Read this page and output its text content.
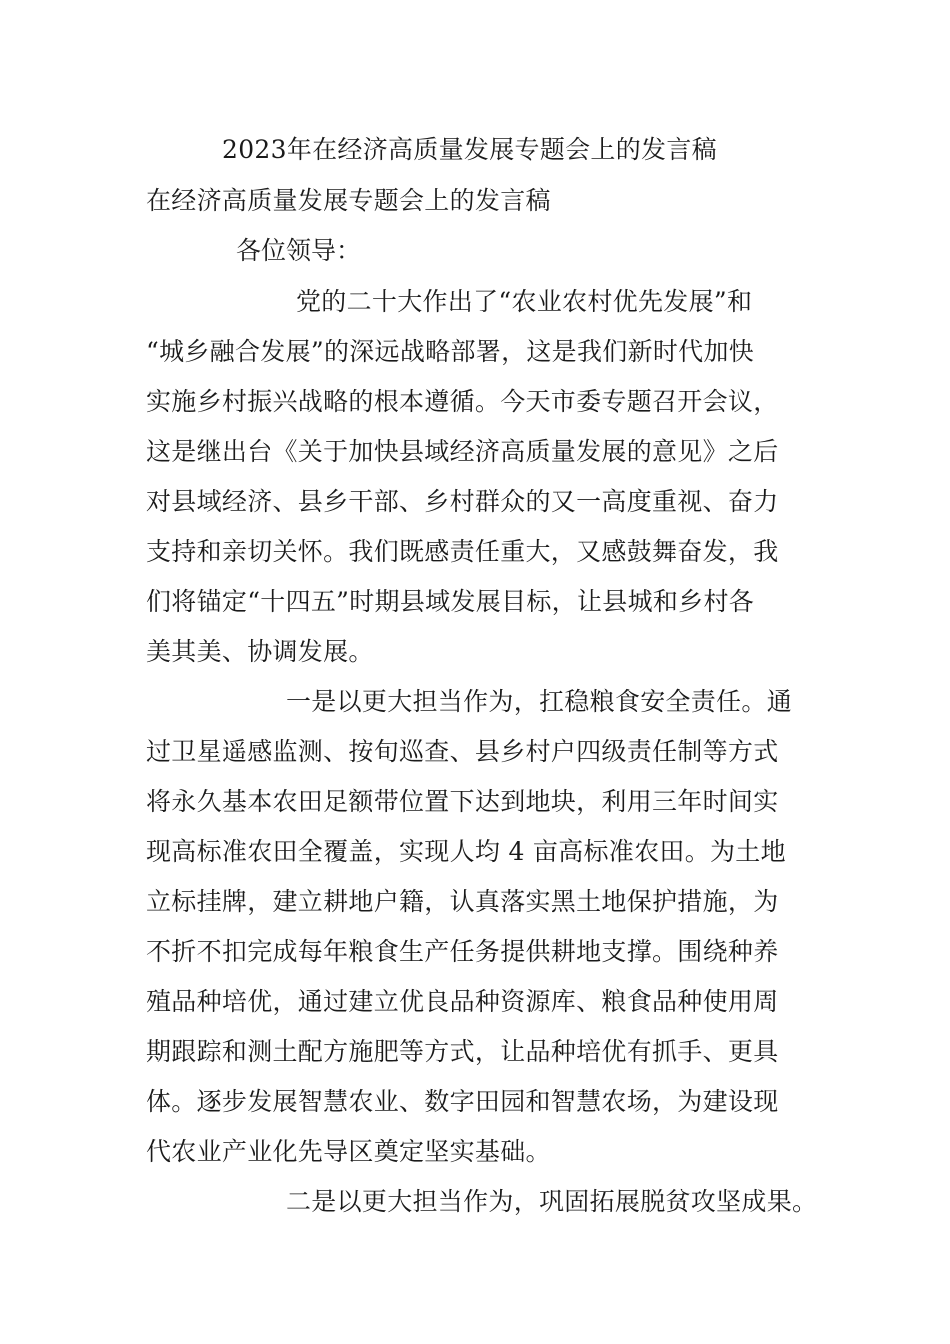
2023年在经济高质量发展专题会上的发言稿
在经济高质量发展专题会上的发言稿
各位领导：
党的二十大作出了“农业农村优先发展”和
“城乡融合发展”的深远战略部署，这是我们新时代加快
实施乡村振兴战略的根本遵循。今天市委专题召开会议，
这是继出台《关于加快县域经济高质量发展的意见》之后
对县域经济、县乡干部、乡村群众的又一高度重视、奋力
支持和亲切关怀。我们既感责任重大，又感鼓舞奋发，我
们将锚定“十四五”时期县域发展目标，让县城和乡村各
美其美、协调发展。
一是以更大担当作为，扛稳粮食安全责任。通
过卫星遥感监测、按旬巡查、县乡村户四级责任制等方式
将永久基本农田足额带位置下达到地块，利用三年时间实
现高标准农田全覆盖，实现人均 4 亩高标准农田。为土地
立标挂牌，建立耕地户籍，认真落实黑土地保护措施，为
不折不扣完成每年粮食生产任务提供耕地支撑。围绕种养
殖品种培优，通过建立优良品种资源库、粮食品种使用周
期跟踪和测土配方施肥等方式，让品种培优有抓手、更具
体。逐步发展智慧农业、数字田园和智慧农场，为建设现
代农业产业化先导区奠定坚实基础。
二是以更大担当作为，巩固拓展脱贫攻坚成果。
